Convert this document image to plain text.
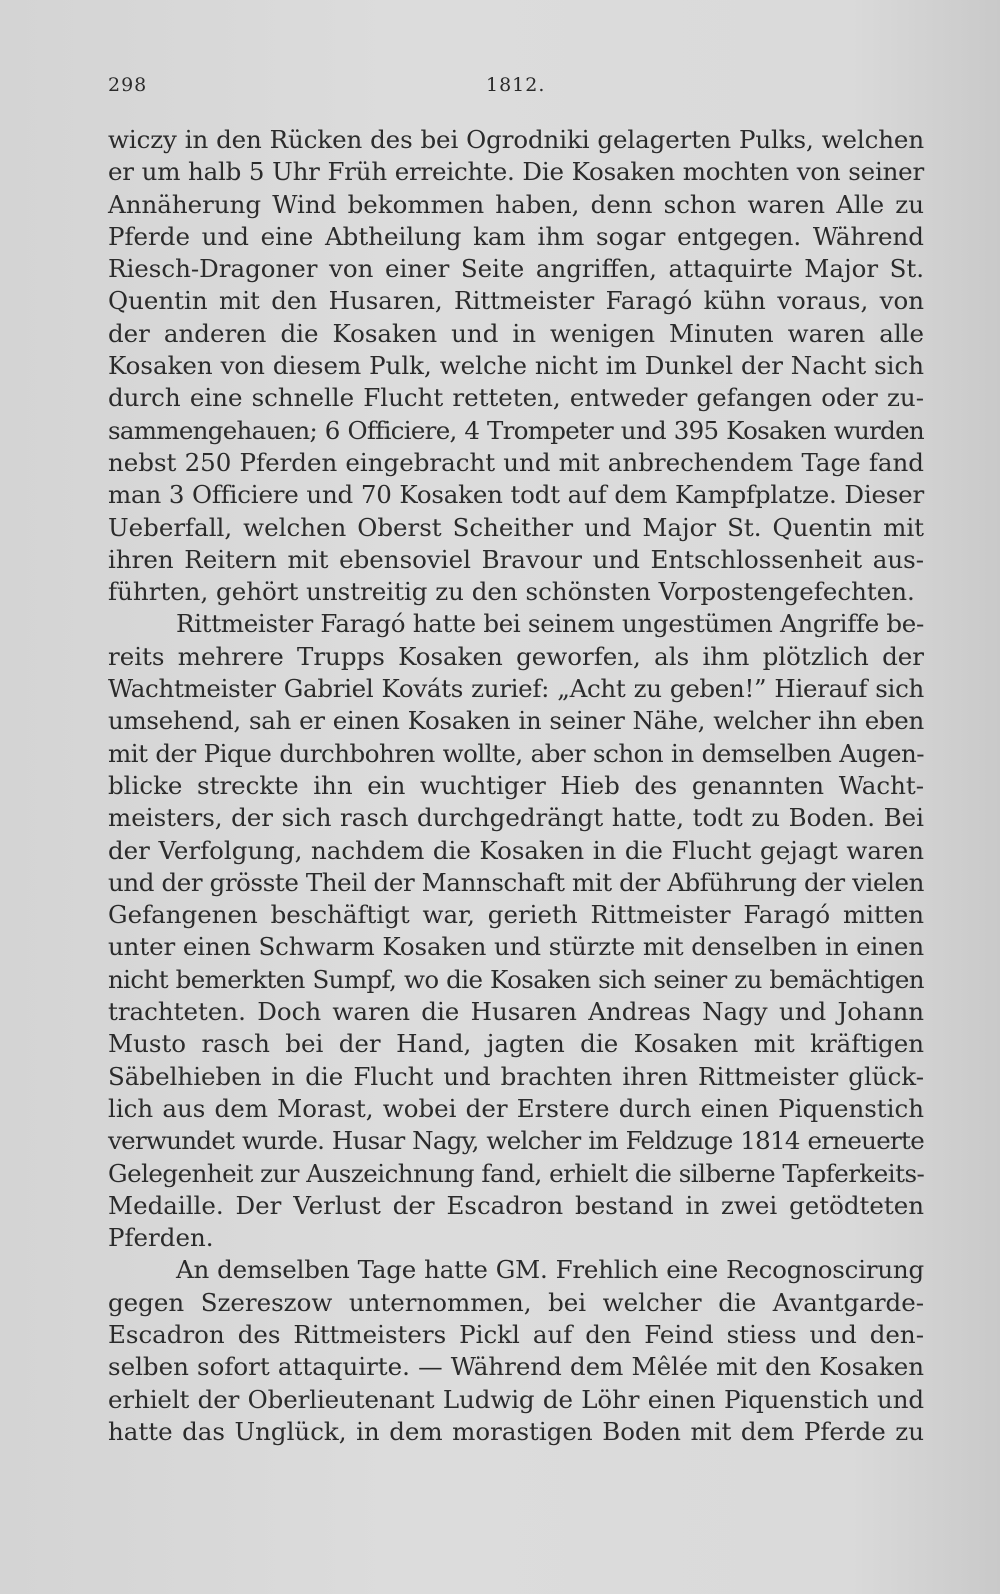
298	1812.
wiczy in den Rücken des bei Ogrodniki gelagerten Pulks, welchen
er um halb 5 Uhr Früh erreichte. Die Kosaken mochten von seiner
Annäherung Wind bekommen haben, denn schon waren Alle zu
Pferde und eine Abtheilung kam ihm sogar entgegen. Während
Riesch-Dragoner von einer Seite angriffen, attaquirte Major St.
Quentin mit den Husaren, Rittmeister Faragó kühn voraus, von
der anderen die Kosaken und in wenigen Minuten waren alle
Kosaken von diesem Pulk, welche nicht im Dunkel der Nacht sich
durch eine schnelle Flucht retteten, entweder gefangen oder zu-
sammengehauen; 6 Officiere, 4 Trompeter und 395 Kosaken wurden
nebst 250 Pferden eingebracht und mit anbrechendem Tage fand
man 3 Officiere und 70 Kosaken todt auf dem Kampfplatze. Dieser
Ueberfall, welchen Oberst Scheither und Major St. Quentin mit
ihren Reitern mit ebensoviel Bravour und Entschlossenheit aus-
führten, gehört unstreitig zu den schönsten Vorpostengefechten.
Rittmeister Faragó hatte bei seinem ungestümen Angriffe be-
reits mehrere Trupps Kosaken geworfen, als ihm plötzlich der
Wachtmeister Gabriel Kováts zurief: „Acht zu geben!” Hierauf sich
umsehend, sah er einen Kosaken in seiner Nähe, welcher ihn eben
mit der Pique durchbohren wollte, aber schon in demselben Augen-
blicke streckte ihn ein wuchtiger Hieb des genannten Wacht-
meisters, der sich rasch durchgedrängt hatte, todt zu Boden. Bei
der Verfolgung, nachdem die Kosaken in die Flucht gejagt waren
und der grösste Theil der Mannschaft mit der Abführung der vielen
Gefangenen beschäftigt war, gerieth Rittmeister Faragó mitten
unter einen Schwarm Kosaken und stürzte mit denselben in einen
nicht bemerkten Sumpf, wo die Kosaken sich seiner zu bemächtigen
trachteten. Doch waren die Husaren Andreas Nagy und Johann
Musto rasch bei der Hand, jagten die Kosaken mit kräftigen
Säbelhieben in die Flucht und brachten ihren Rittmeister glück-
lich aus dem Morast, wobei der Erstere durch einen Piquenstich
verwundet wurde. Husar Nagy, welcher im Feldzuge 1814 erneuerte
Gelegenheit zur Auszeichnung fand, erhielt die silberne Tapferkeits-
Medaille. Der Verlust der Escadron bestand in zwei getödteten
Pferden.
An demselben Tage hatte GM. Frehlich eine Recognoscirung
gegen Szereszow unternommen, bei welcher die Avantgarde-
Escadron des Rittmeisters Pickl auf den Feind stiess und den-
selben sofort attaquirte. — Während dem Mêlée mit den Kosaken
erhielt der Oberlieutenant Ludwig de Löhr einen Piquenstich und
hatte das Unglück, in dem morastigen Boden mit dem Pferde zu
